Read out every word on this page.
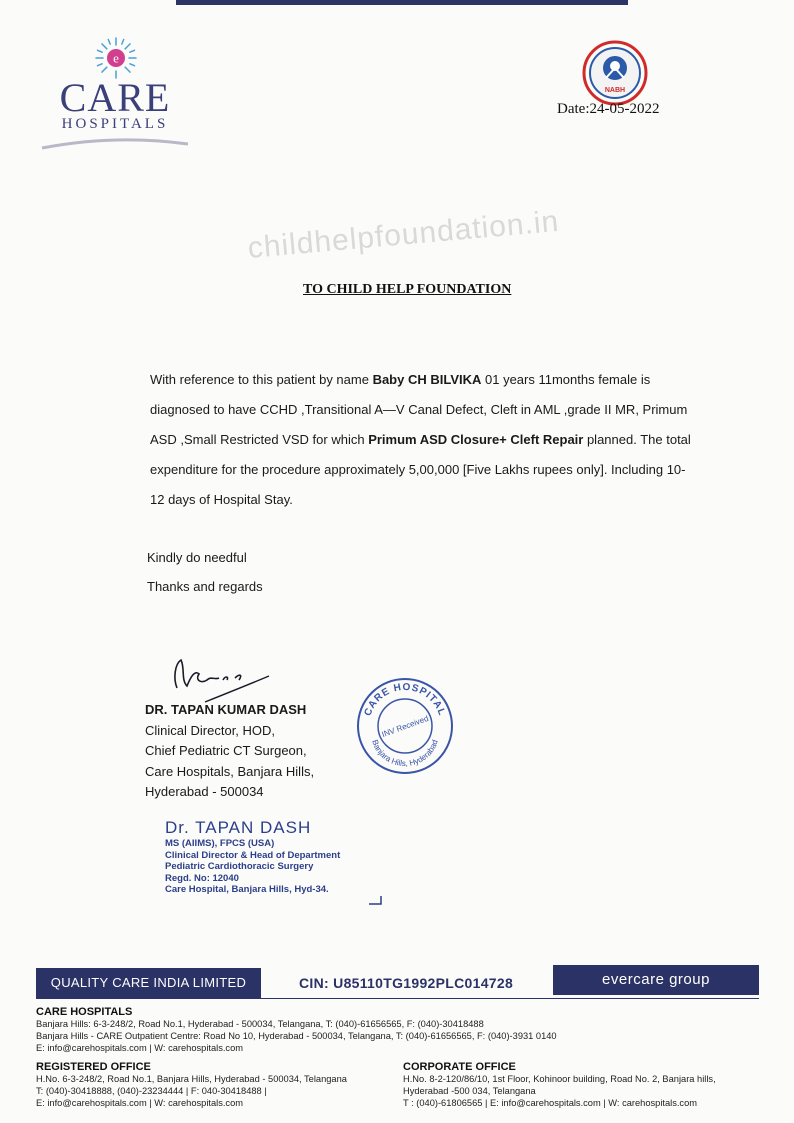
e
CARE
HOSPITALS
NABH
Date:24-05-2022
childhelpfoundation.in
TO CHILD HELP FOUNDATION
With reference to this patient by name Baby CH BILVIKA 01 years 11months female is diagnosed to have CCHD ,Transitional A—V Canal Defect, Cleft in AML ,grade II MR, Primum ASD ,Small Restricted VSD for which Primum ASD Closure+ Cleft Repair planned. The total expenditure for the procedure approximately 5,00,000 [Five Lakhs rupees only]. Including 10-12 days of Hospital Stay.
Kindly do needful
Thanks and regards
DR. TAPAN KUMAR DASH
Clinical Director, HOD,
Chief Pediatric CT Surgeon,
Care Hospitals, Banjara Hills,
Hyderabad - 500034
CARE HOSPITAL
Banjara Hills, Hyderabad
INV Received
Dr. TAPAN DASH
MS (AIIMS), FPCS (USA)
Clinical Director & Head of Department
Pediatric Cardiothoracic Surgery
Regd. No: 12040
Care Hospital, Banjara Hills, Hyd-34.
QUALITY CARE INDIA LIMITED	CIN: U85110TG1992PLC014728	evercare group
CARE HOSPITALS
Banjara Hills: 6-3-248/2, Road No.1, Hyderabad - 500034, Telangana, T: (040)-61656565, F: (040)-30418488
Banjara Hills - CARE Outpatient Centre: Road No 10, Hyderabad - 500034, Telangana, T: (040)-61656565, F: (040)-3931 0140
E: info@carehospitals.com | W: carehospitals.com
REGISTERED OFFICE
H.No. 6-3-248/2, Road No.1, Banjara Hills, Hyderabad - 500034, Telangana
T: (040)-30418888, (040)-23234444 | F: 040-30418488 |
E: info@carehospitals.com | W: carehospitals.com
CORPORATE OFFICE
H.No. 8-2-120/86/10, 1st Floor, Kohinoor building, Road No. 2, Banjara hills,
Hyderabad -500 034, Telangana
T : (040)-61806565 | E: info@carehospitals.com | W: carehospitals.com
